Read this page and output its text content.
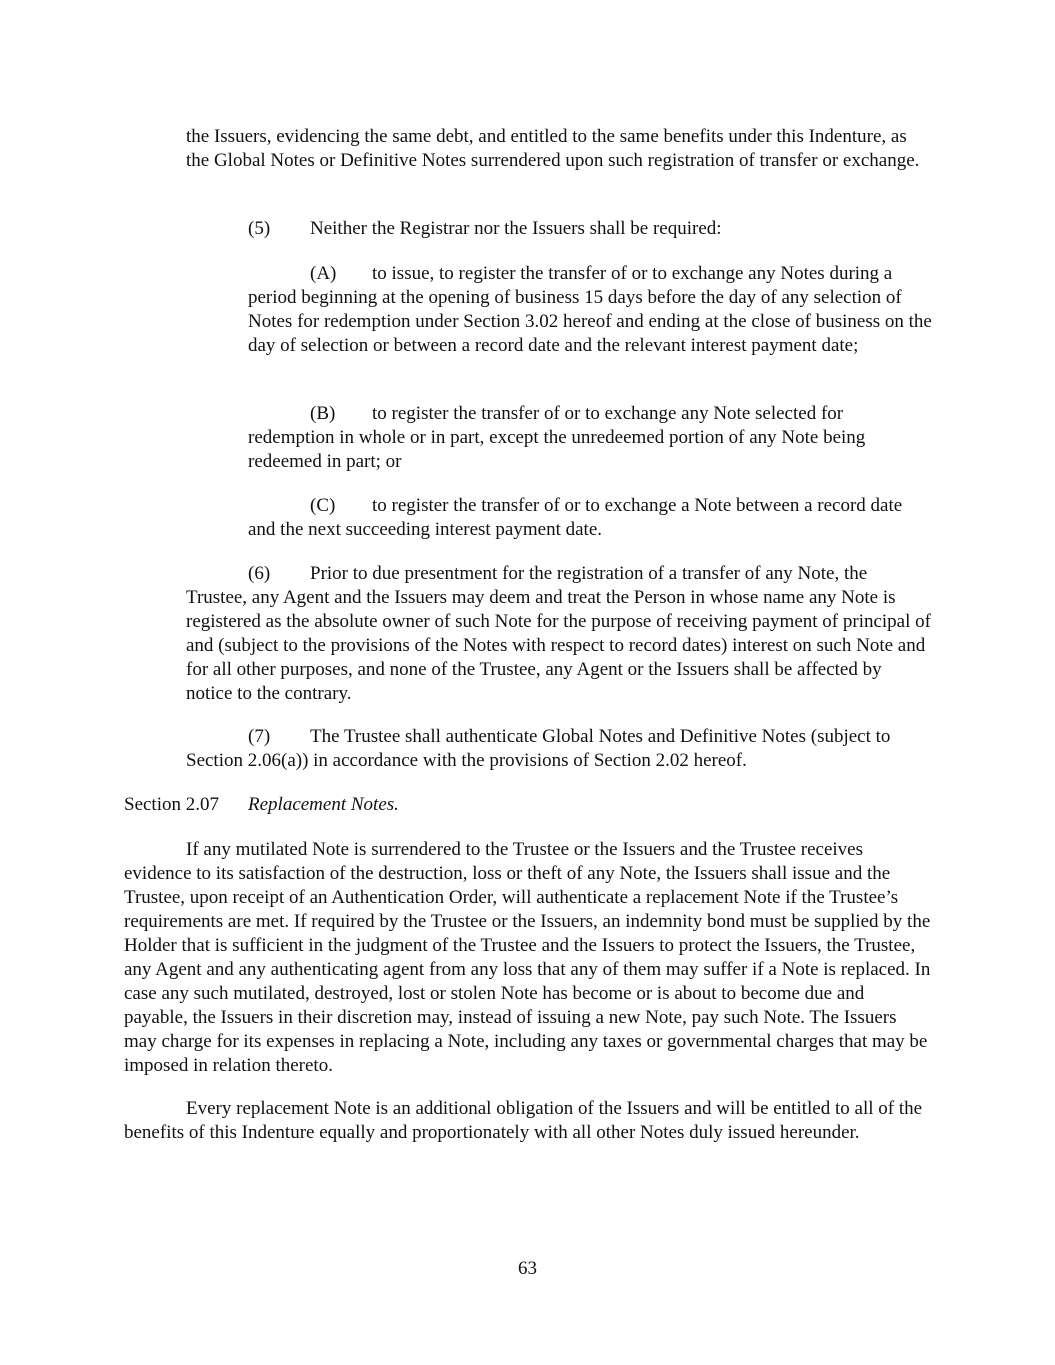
the Issuers, evidencing the same debt, and entitled to the same benefits under this Indenture, as the Global Notes or Definitive Notes surrendered upon such registration of transfer or exchange.

(5) Neither the Registrar nor the Issuers shall be required:

(A) to issue, to register the transfer of or to exchange any Notes during a period beginning at the opening of business 15 days before the day of any selection of Notes for redemption under Section 3.02 hereof and ending at the close of business on the day of selection or between a record date and the relevant interest payment date;

(B) to register the transfer of or to exchange any Note selected for redemption in whole or in part, except the unredeemed portion of any Note being redeemed in part; or

(C) to register the transfer of or to exchange a Note between a record date and the next succeeding interest payment date.

(6) Prior to due presentment for the registration of a transfer of any Note, the Trustee, any Agent and the Issuers may deem and treat the Person in whose name any Note is registered as the absolute owner of such Note for the purpose of receiving payment of principal of and (subject to the provisions of the Notes with respect to record dates) interest on such Note and for all other purposes, and none of the Trustee, any Agent or the Issuers shall be affected by notice to the contrary.

(7) The Trustee shall authenticate Global Notes and Definitive Notes (subject to Section 2.06(a)) in accordance with the provisions of Section 2.02 hereof.

Section 2.07 Replacement Notes.

If any mutilated Note is surrendered to the Trustee or the Issuers and the Trustee receives evidence to its satisfaction of the destruction, loss or theft of any Note, the Issuers shall issue and the Trustee, upon receipt of an Authentication Order, will authenticate a replacement Note if the Trustee’s requirements are met. If required by the Trustee or the Issuers, an indemnity bond must be supplied by the Holder that is sufficient in the judgment of the Trustee and the Issuers to protect the Issuers, the Trustee, any Agent and any authenticating agent from any loss that any of them may suffer if a Note is replaced. In case any such mutilated, destroyed, lost or stolen Note has become or is about to become due and payable, the Issuers in their discretion may, instead of issuing a new Note, pay such Note. The Issuers may charge for its expenses in replacing a Note, including any taxes or governmental charges that may be imposed in relation thereto.

Every replacement Note is an additional obligation of the Issuers and will be entitled to all of the benefits of this Indenture equally and proportionately with all other Notes duly issued hereunder.

63
